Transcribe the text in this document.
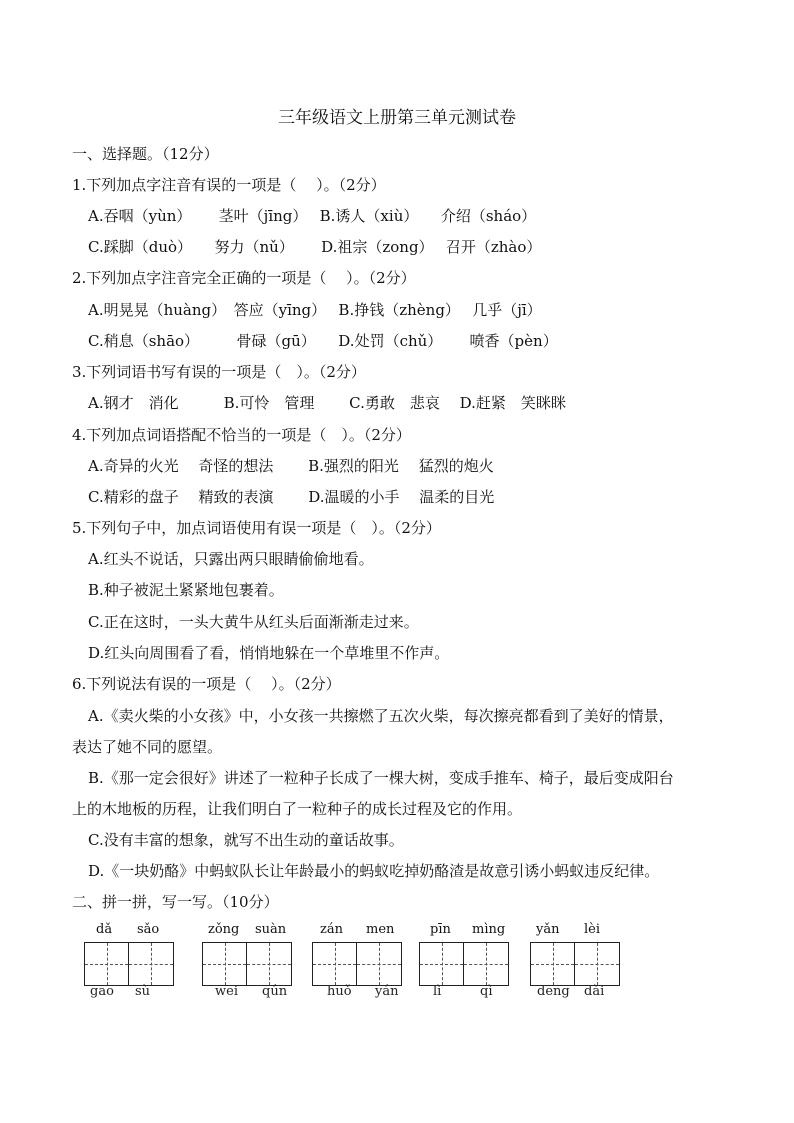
三年级语文上册第三单元测试卷
一、选择题。（12分）
1.下列加点字注音有误的一项是（　 ）。（2分）
A.吞咽（yùn）　　 茎叶（jīng）　 B.诱人（xiù）　　介绍（sháo）
C.踩脚（duò）　　努力（nǔ）　　 D.祖宗（zong）　 召开（zhào）
2.下列加点字注音完全正确的一项是（　 ）。（2分）
A.明晃晃（huàng）　答应（yīng）　 B.挣钱（zhèng）　 几乎（jī）
C.稍息（shāo）　　　骨碌（gū）　　D.处罚（chǔ）　　 喷香（pèn）
3.下列词语书写有误的一项是（　）。（2分）
A.钢才　消化　　　B.可怜　管理　　 C.勇敢　悲哀　 D.赶紧　笑眯眯
4.下列加点词语搭配不恰当的一项是（　）。（2分）
A.奇异的火光　 奇怪的想法　　 B.强烈的阳光　 猛烈的炮火
C.精彩的盘子　 精致的表演　　 D.温暖的小手　 温柔的目光
5.下列句子中，加点词语使用有误一项是（　）。（2分）
A.红头不说话，只露出两只眼睛偷偷地看。
B.种子被泥土紧紧地包裹着。
C.正在这时，一头大黄牛从红头后面渐渐走过来。
D.红头向周围看了看，悄悄地躲在一个草堆里不作声。
6.下列说法有误的一项是（　 ）。（2分）
A.《卖火柴的小女孩》中，小女孩一共擦燃了五次火柴，每次擦亮都看到了美好的情景，
表达了她不同的愿望。
B.《那一定会很好》讲述了一粒种子长成了一棵大树，变成手推车、椅子，最后变成阳台
上的木地板的历程，让我们明白了一粒种子的成长过程及它的作用。
C.没有丰富的想象，就写不出生动的童话故事。
D.《一块奶酪》中蚂蚁队长让年龄最小的蚂蚁吃掉奶酪渣是故意引诱小蚂蚁违反纪律。
二、拼一拼，写一写。（10分）
dǎ sǎo
gāo sù
zǒng suàn
wēi qún
zán men
huǒ yán
pīn mìng
lì	qì
yǎn lèi
dēng dài
